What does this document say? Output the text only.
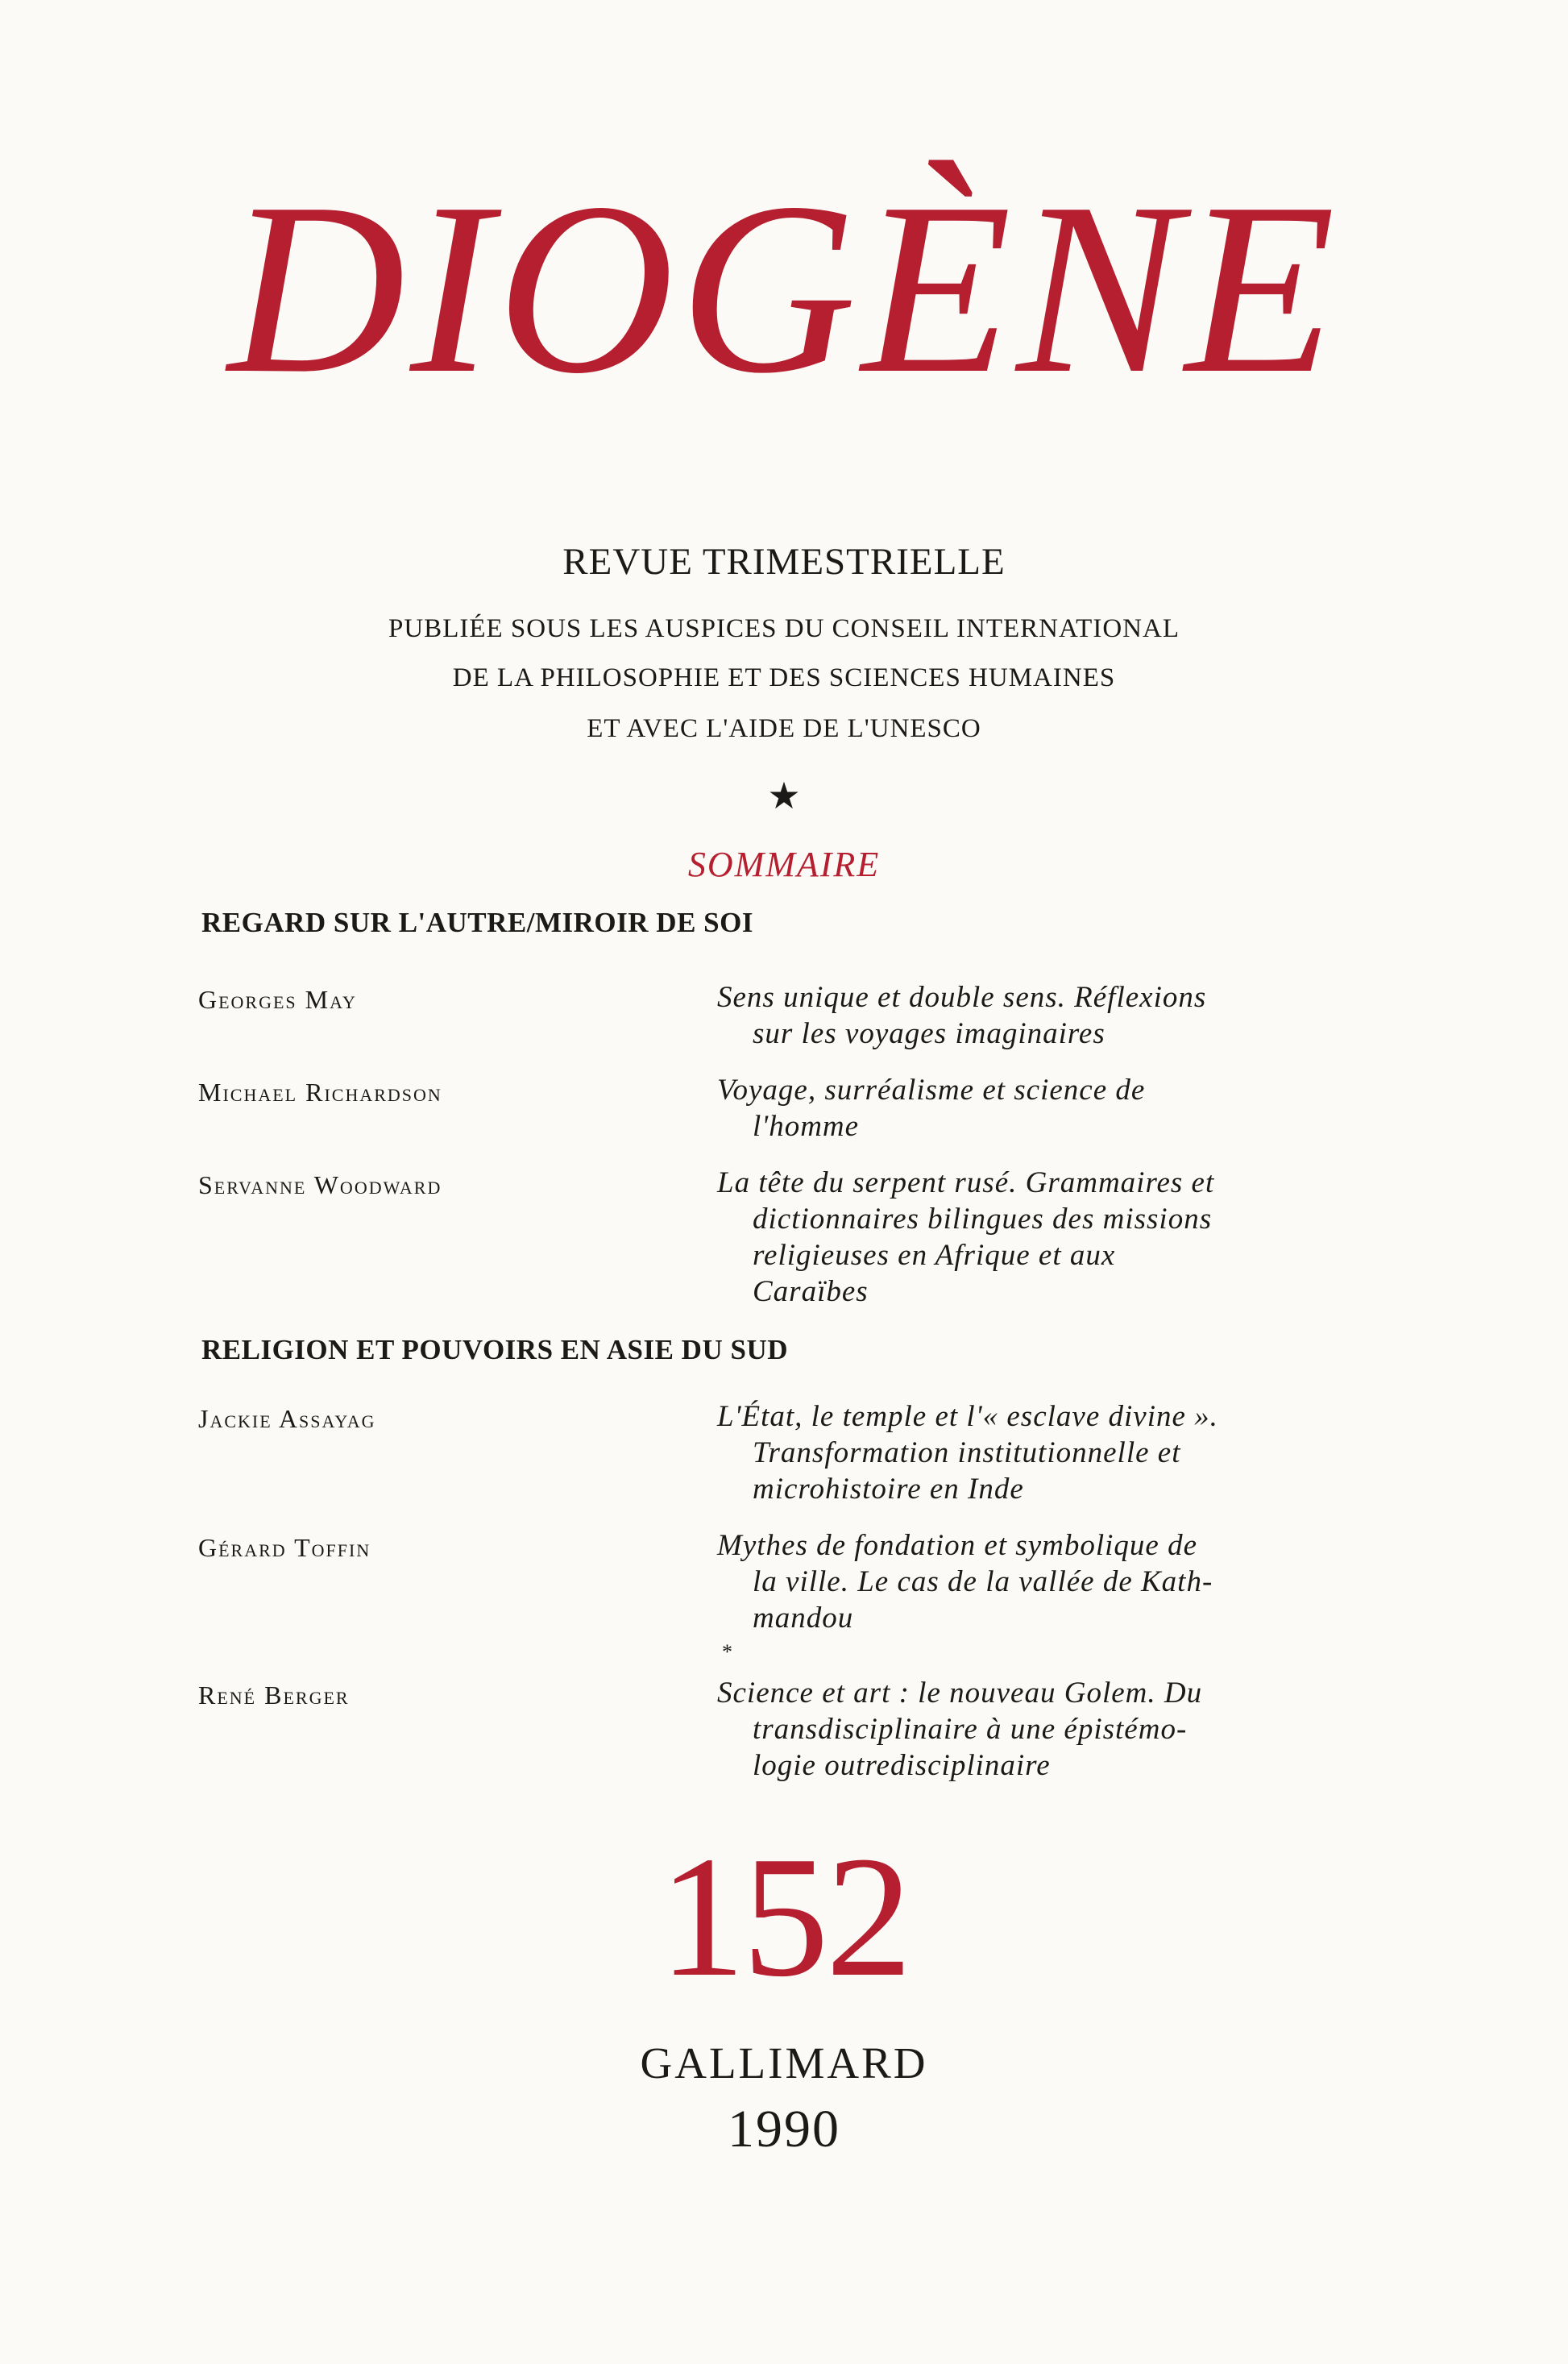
DIOGÈNE
REVUE TRIMESTRIELLE
PUBLIÉE SOUS LES AUSPICES DU CONSEIL INTERNATIONAL
DE LA PHILOSOPHIE ET DES SCIENCES HUMAINES
ET AVEC L'AIDE DE L'UNESCO
★
SOMMAIRE
REGARD SUR L'AUTRE/MIROIR DE SOI
Georges May	Sens unique et double sens. Réflexions
sur les voyages imaginaires
Michael Richardson	Voyage, surréalisme et science de
l'homme
Servanne Woodward	La tête du serpent rusé. Grammaires et
dictionnaires bilingues des missions
religieuses en Afrique et aux
Caraïbes
RELIGION ET POUVOIRS EN ASIE DU SUD
Jackie Assayag	L'État, le temple et l'« esclave divine ».
Transformation institutionnelle et
microhistoire en Inde
Gérard Toffin	Mythes de fondation et symbolique de
la ville. Le cas de la vallée de Kath-
mandou
*
René Berger	Science et art : le nouveau Golem. Du
transdisciplinaire à une épistémo-
logie outredisciplinaire
152
GALLIMARD
1990
